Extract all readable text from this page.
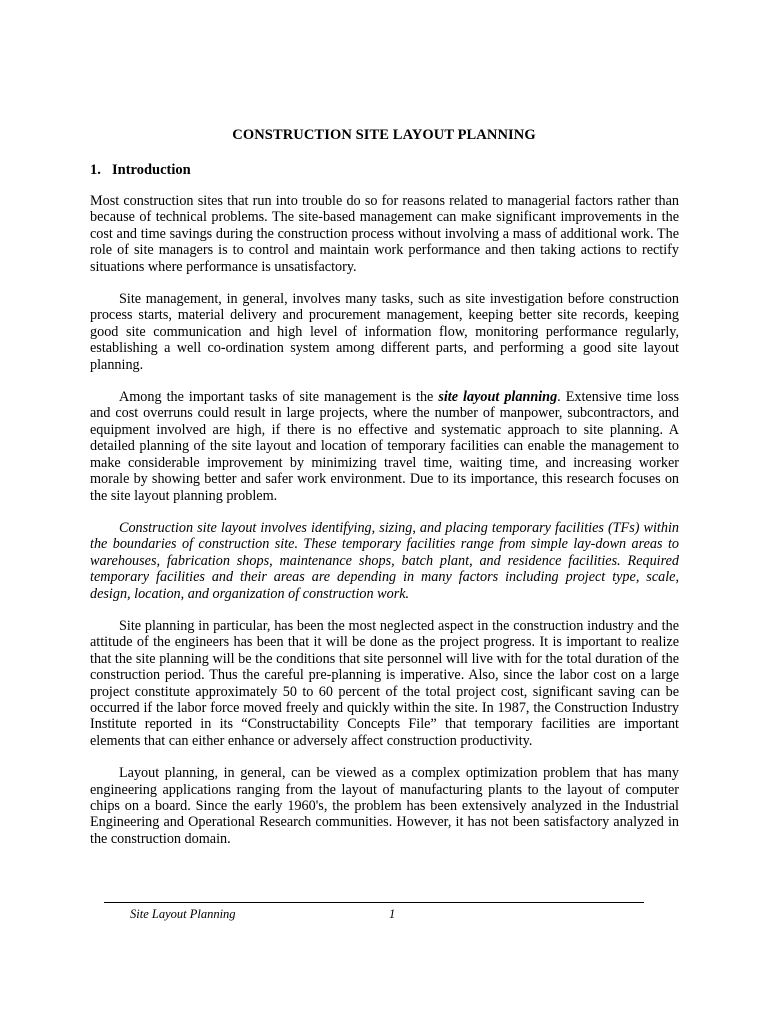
CONSTRUCTION SITE LAYOUT PLANNING
1. Introduction

Most construction sites that run into trouble do so for reasons related to managerial factors rather than because of technical problems. The site-based management can make significant improvements in the cost and time savings during the construction process without involving a mass of additional work. The role of site managers is to control and maintain work performance and then taking actions to rectify situations where performance is unsatisfactory.

Site management, in general, involves many tasks, such as site investigation before construction process starts, material delivery and procurement management, keeping better site records, keeping good site communication and high level of information flow, monitoring performance regularly, establishing a well co-ordination system among different parts, and performing a good site layout planning.

Among the important tasks of site management is the site layout planning. Extensive time loss and cost overruns could result in large projects, where the number of manpower, subcontractors, and equipment involved are high, if there is no effective and systematic approach to site planning. A detailed planning of the site layout and location of temporary facilities can enable the management to make considerable improvement by minimizing travel time, waiting time, and increasing worker morale by showing better and safer work environment. Due to its importance, this research focuses on the site layout planning problem.

Construction site layout involves identifying, sizing, and placing temporary facilities (TFs) within the boundaries of construction site. These temporary facilities range from simple lay-down areas to warehouses, fabrication shops, maintenance shops, batch plant, and residence facilities. Required temporary facilities and their areas are depending in many factors including project type, scale, design, location, and organization of construction work.

Site planning in particular, has been the most neglected aspect in the construction industry and the attitude of the engineers has been that it will be done as the project progress. It is important to realize that the site planning will be the conditions that site personnel will live with for the total duration of the construction period. Thus the careful pre-planning is imperative. Also, since the labor cost on a large project constitute approximately 50 to 60 percent of the total project cost, significant saving can be occurred if the labor force moved freely and quickly within the site. In 1987, the Construction Industry Institute reported in its “Constructability Concepts File” that temporary facilities are important elements that can either enhance or adversely affect construction productivity.

Layout planning, in general, can be viewed as a complex optimization problem that has many engineering applications ranging from the layout of manufacturing plants to the layout of computer chips on a board. Since the early 1960's, the problem has been extensively analyzed in the Industrial Engineering and Operational Research communities. However, it has not been satisfactory analyzed in the construction domain.

Site Layout Planning	1
